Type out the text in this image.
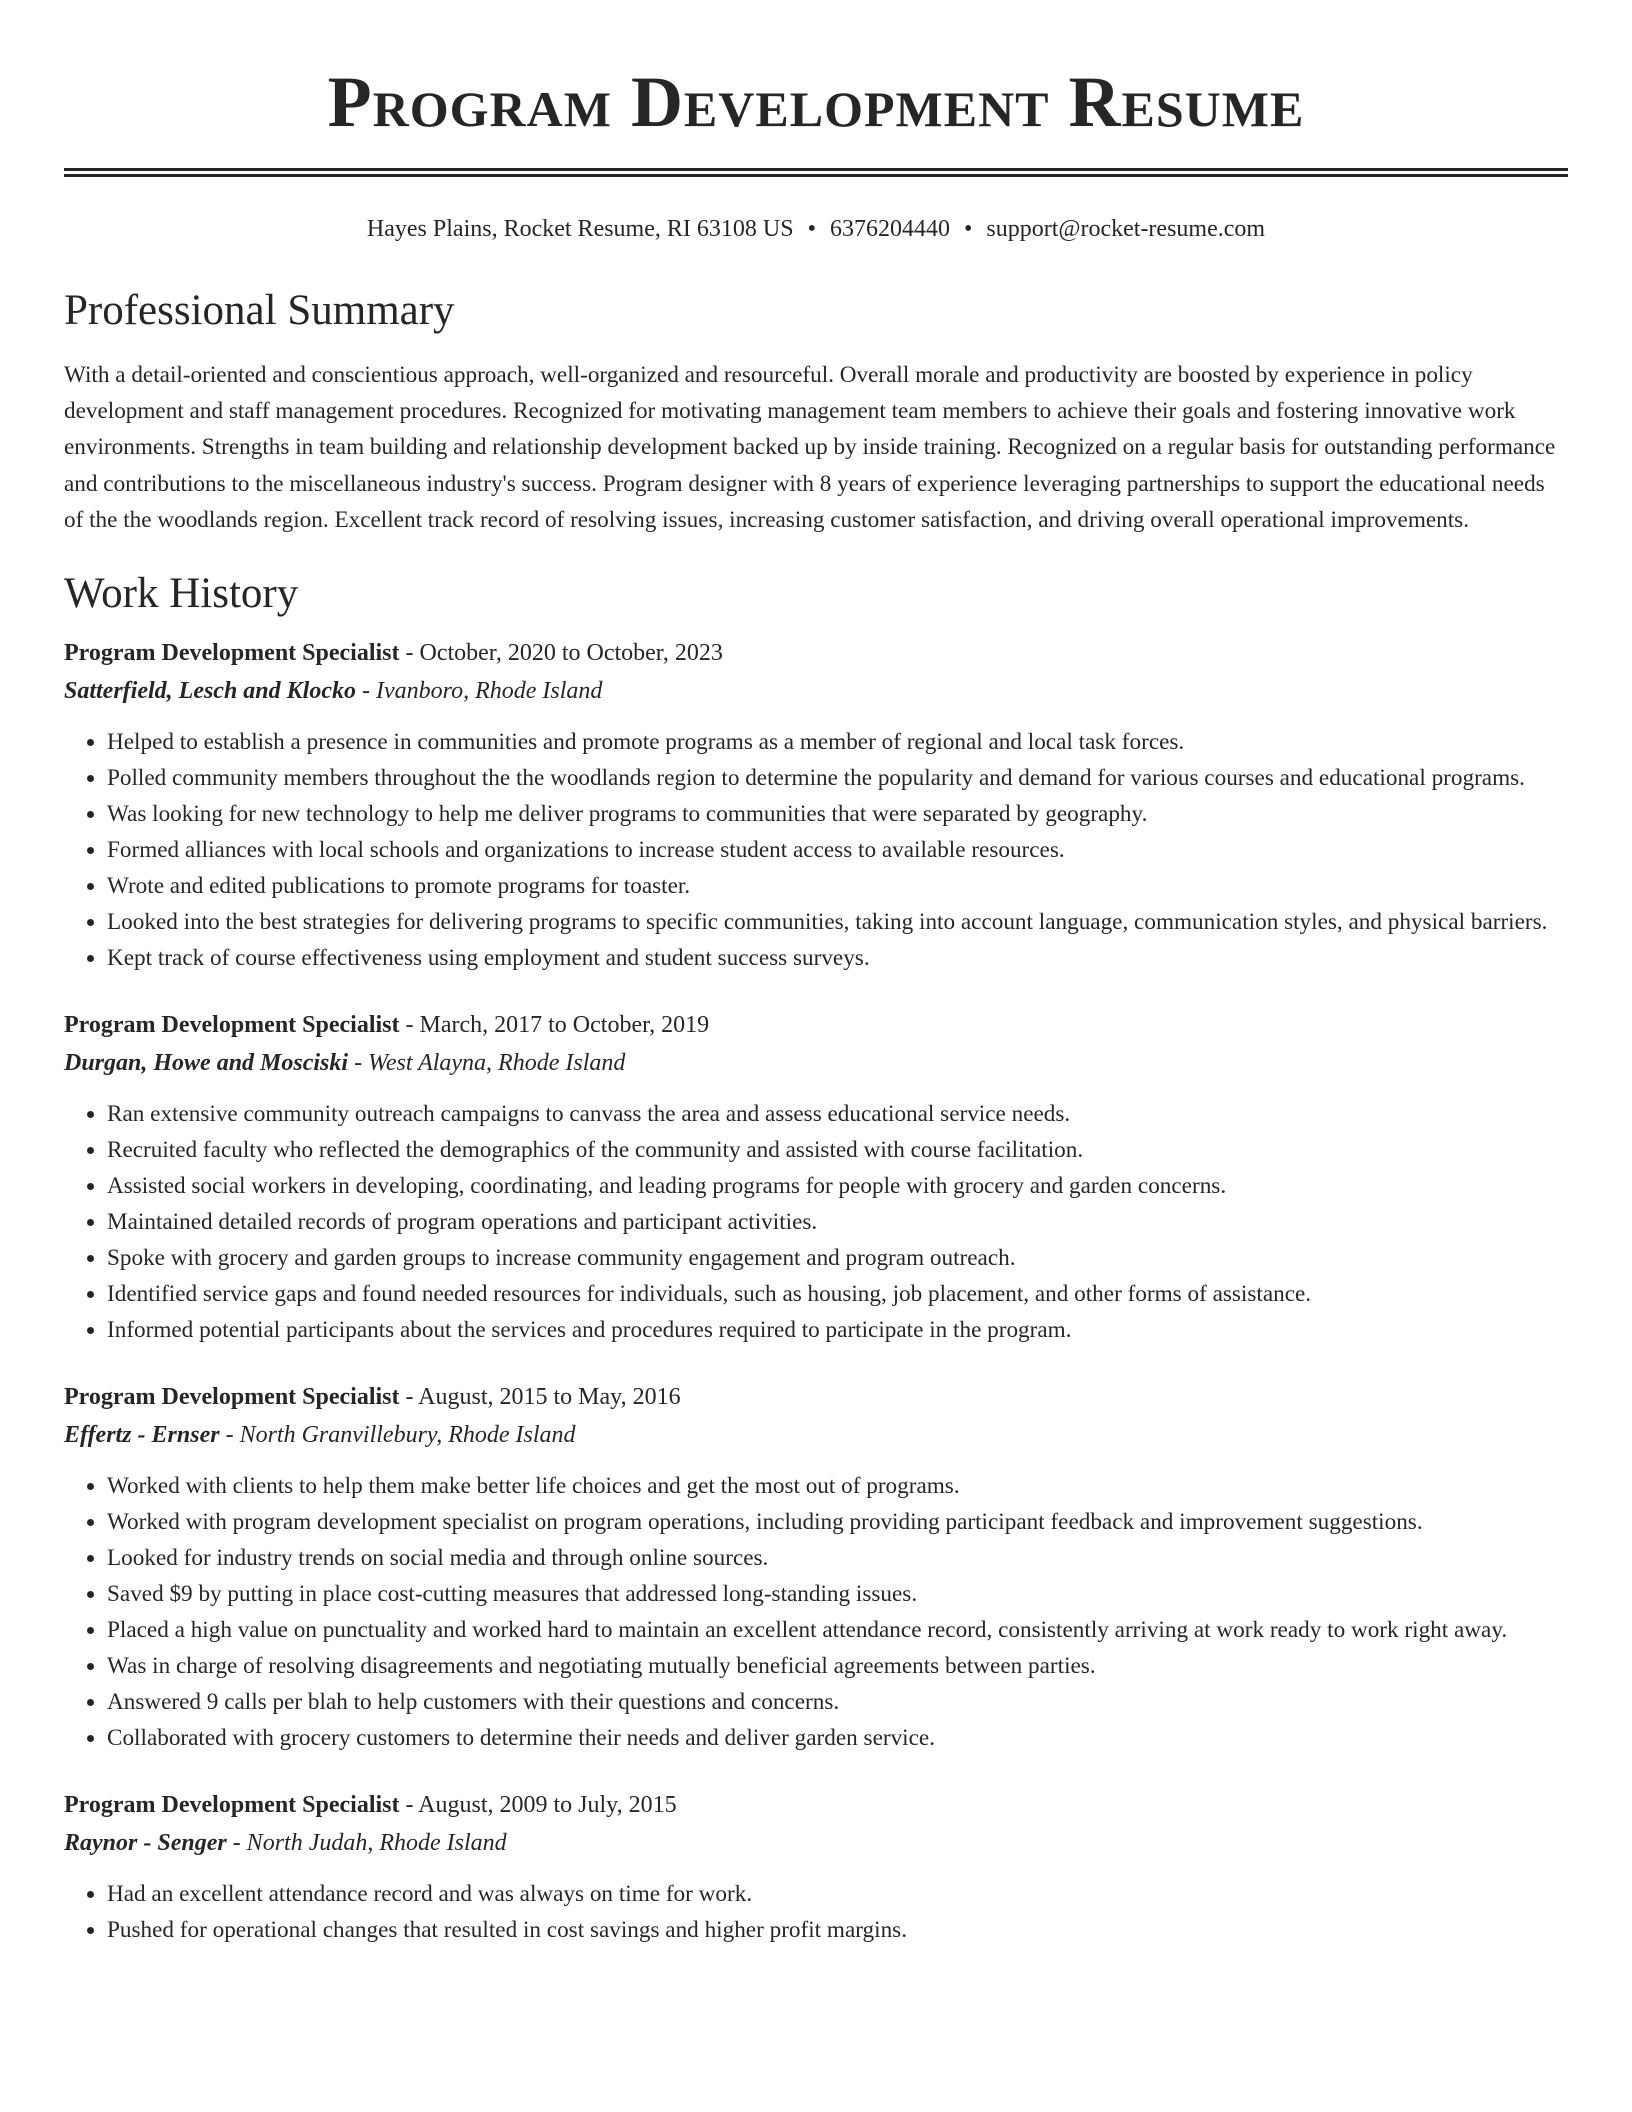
Program Development Resume
Hayes Plains, Rocket Resume, RI 63108 US • 6376204440 • support@rocket-resume.com
Professional Summary

With a detail-oriented and conscientious approach, well-organized and resourceful. Overall morale and productivity are boosted by experience in policy development and staff management procedures. Recognized for motivating management team members to achieve their goals and fostering innovative work environments. Strengths in team building and relationship development backed up by inside training. Recognized on a regular basis for outstanding performance and contributions to the miscellaneous industry's success. Program designer with 8 years of experience leveraging partnerships to support the educational needs of the the woodlands region. Excellent track record of resolving issues, increasing customer satisfaction, and driving overall operational improvements.

Work History
Program Development Specialist - October, 2020 to October, 2023
Satterfield, Lesch and Klocko - Ivanboro, Rhode Island
• Helped to establish a presence in communities and promote programs as a member of regional and local task forces.
• Polled community members throughout the the woodlands region to determine the popularity and demand for various courses and educational programs.
• Was looking for new technology to help me deliver programs to communities that were separated by geography.
• Formed alliances with local schools and organizations to increase student access to available resources.
• Wrote and edited publications to promote programs for toaster.
• Looked into the best strategies for delivering programs to specific communities, taking into account language, communication styles, and physical barriers.
• Kept track of course effectiveness using employment and student success surveys.
Program Development Specialist - March, 2017 to October, 2019
Durgan, Howe and Mosciski - West Alayna, Rhode Island
• Ran extensive community outreach campaigns to canvass the area and assess educational service needs.
• Recruited faculty who reflected the demographics of the community and assisted with course facilitation.
• Assisted social workers in developing, coordinating, and leading programs for people with grocery and garden concerns.
• Maintained detailed records of program operations and participant activities.
• Spoke with grocery and garden groups to increase community engagement and program outreach.
• Identified service gaps and found needed resources for individuals, such as housing, job placement, and other forms of assistance.
• Informed potential participants about the services and procedures required to participate in the program.
Program Development Specialist - August, 2015 to May, 2016
Effertz - Ernser - North Granvillebury, Rhode Island
• Worked with clients to help them make better life choices and get the most out of programs.
• Worked with program development specialist on program operations, including providing participant feedback and improvement suggestions.
• Looked for industry trends on social media and through online sources.
• Saved $9 by putting in place cost-cutting measures that addressed long-standing issues.
• Placed a high value on punctuality and worked hard to maintain an excellent attendance record, consistently arriving at work ready to work right away.
• Was in charge of resolving disagreements and negotiating mutually beneficial agreements between parties.
• Answered 9 calls per blah to help customers with their questions and concerns.
• Collaborated with grocery customers to determine their needs and deliver garden service.
Program Development Specialist - August, 2009 to July, 2015
Raynor - Senger - North Judah, Rhode Island
• Had an excellent attendance record and was always on time for work.
• Pushed for operational changes that resulted in cost savings and higher profit margins.
